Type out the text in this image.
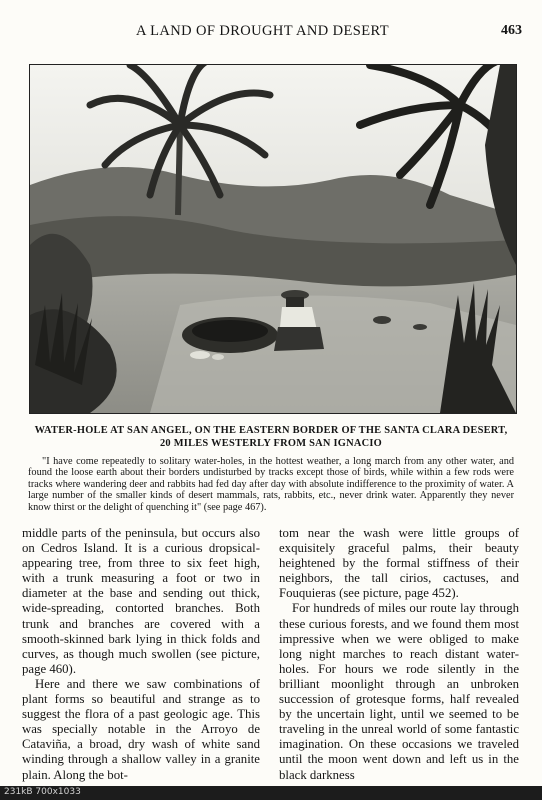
A LAND OF DROUGHT AND DESERT	463
WATER-HOLE AT SAN ANGEL, ON THE EASTERN BORDER OF THE SANTA CLARA DESERT,
20 MILES WESTERLY FROM SAN IGNACIO
"I have come repeatedly to solitary water-holes, in the hottest weather, a long march from any other water, and found the loose earth about their borders undisturbed by tracks except those of birds, while within a few rods were tracks where wandering deer and rabbits had fed day after day with absolute indifference to the proximity of water. A large number of the smaller kinds of desert mammals, rats, rabbits, etc., never drink water. Apparently they never know thirst or the delight of quenching it" (see page 467).

middle parts of the peninsula, but occurs also on Cedros Island. It is a curious dropsical-appearing tree, from three to six feet high, with a trunk measuring a foot or two in diameter at the base and sending out thick, wide-spreading, contorted branches. Both trunk and branches are covered with a smooth-skinned bark lying in thick folds and curves, as though much swollen (see picture, page 460).

Here and there we saw combinations of plant forms so beautiful and strange as to suggest the flora of a past geologic age. This was specially notable in the Arroyo de Cataviña, a broad, dry wash of white sand winding through a shallow valley in a granite plain. Along the bot-

tom near the wash were little groups of exquisitely graceful palms, their beauty heightened by the formal stiffness of their neighbors, the tall cirios, cactuses, and Fouquieras (see picture, page 452).

For hundreds of miles our route lay through these curious forests, and we found them most impressive when we were obliged to make long night marches to reach distant water-holes. For hours we rode silently in the brilliant moonlight through an unbroken succession of grotesque forms, half revealed by the uncertain light, until we seemed to be traveling in the unreal world of some fantastic imagination. On these occasions we traveled until the moon went down and left us in the black darkness

231kB 700x1033
